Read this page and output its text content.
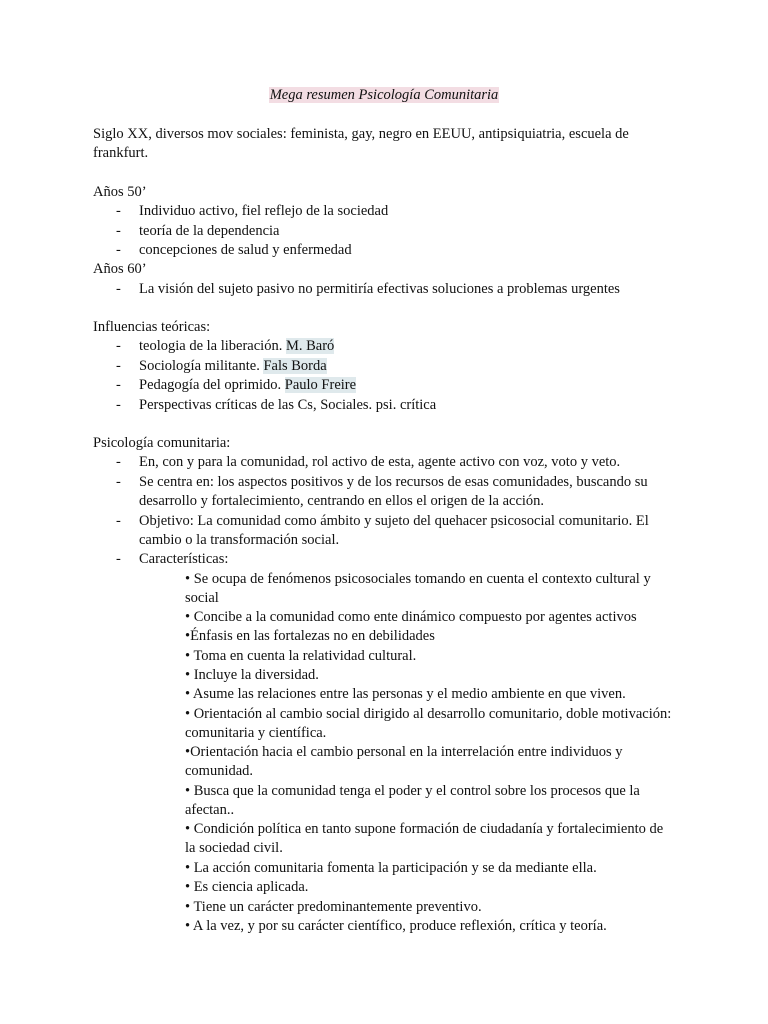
Mega resumen Psicología Comunitaria

Siglo XX, diversos mov sociales: feminista, gay, negro en EEUU, antipsiquiatria, escuela de frankfurt.

Años 50’

- Individuo activo, fiel reflejo de la sociedad

- teoría de la dependencia

- concepciones de salud y enfermedad

Años 60’

- La visión del sujeto pasivo no permitiría efectivas soluciones a problemas urgentes

Influencias teóricas:

- teologia de la liberación. M. Baró

- Sociología militante. Fals Borda

- Pedagogía del oprimido. Paulo Freire

- Perspectivas críticas de las Cs, Sociales. psi. crítica

Psicología comunitaria:

- En, con y para la comunidad, rol activo de esta, agente activo con voz, voto y veto.

- Se centra en: los aspectos positivos y de los recursos de esas comunidades, buscando su desarrollo y fortalecimiento, centrando en ellos el origen de la acción.

- Objetivo: La comunidad como ámbito y sujeto del quehacer psicosocial comunitario. El cambio o la transformación social.

- Características:

• Se ocupa de fenómenos psicosociales tomando en cuenta el contexto cultural y social

• Concibe a la comunidad como ente dinámico compuesto por agentes activos

•Énfasis en las fortalezas no en debilidades

• Toma en cuenta la relatividad cultural.

• Incluye la diversidad.

• Asume las relaciones entre las personas y el medio ambiente en que viven.

• Orientación al cambio social dirigido al desarrollo comunitario, doble motivación: comunitaria y científica.

•Orientación hacia el cambio personal en la interrelación entre individuos y comunidad.

• Busca que la comunidad tenga el poder y el control sobre los procesos que la afectan..

• Condición política en tanto supone formación de ciudadanía y fortalecimiento de la sociedad civil.

• La acción comunitaria fomenta la participación y se da mediante ella.

• Es ciencia aplicada.

• Tiene un carácter predominantemente preventivo.

• A la vez, y por su carácter científico, produce reflexión, crítica y teoría.
